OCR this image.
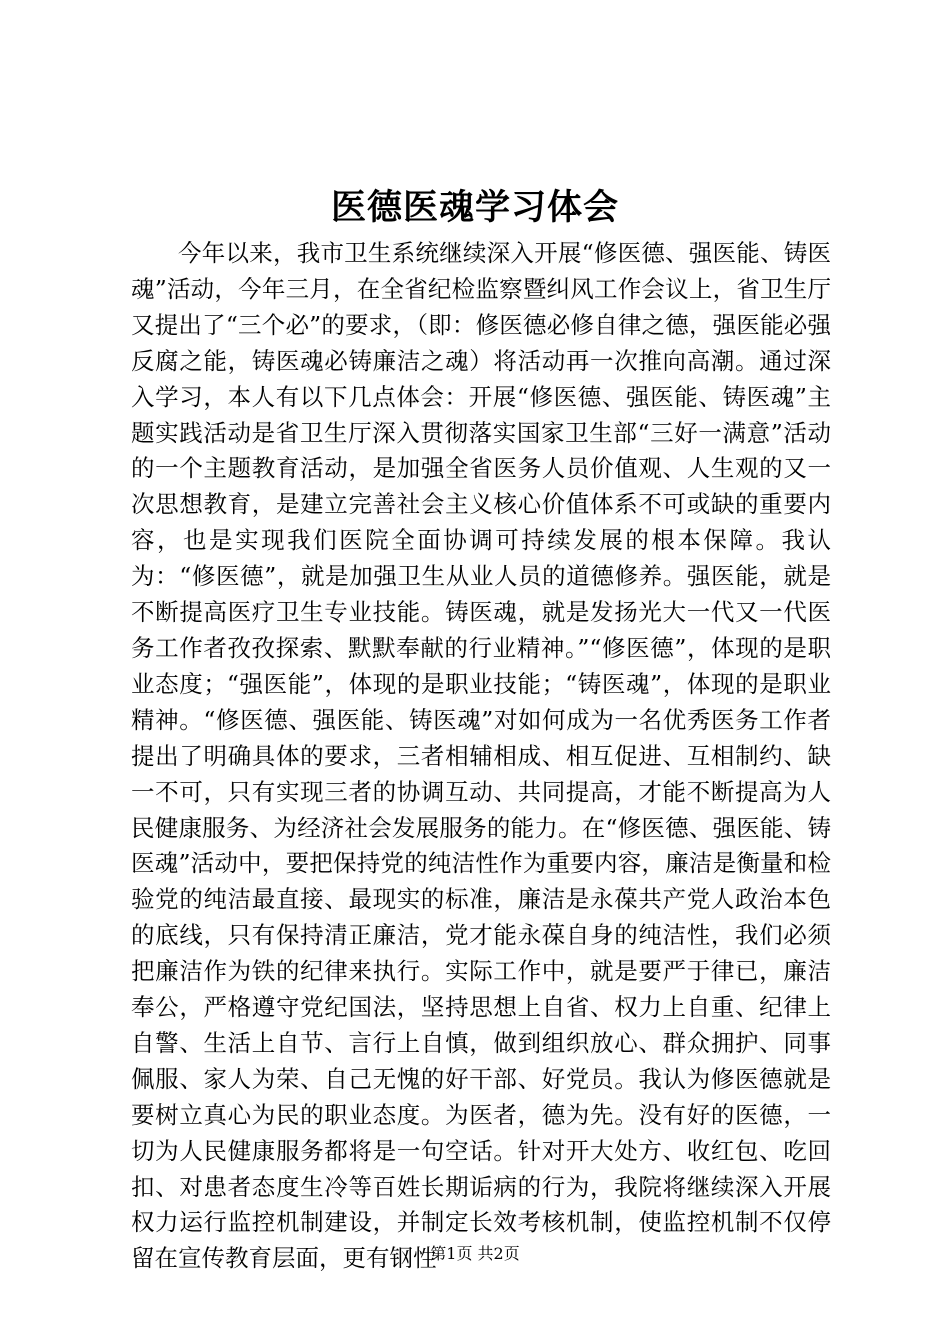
医德医魂学习体会

今年以来，我市卫生系统继续深入开展“修医德、强医能、铸医魂”活动，今年三月，在全省纪检监察暨纠风工作会议上，省卫生厅又提出了“三个必”的要求，（即：修医德必修自律之德，强医能必强反腐之能，铸医魂必铸廉洁之魂）将活动再一次推向高潮。通过深入学习，本人有以下几点体会：开展“修医德、强医能、铸医魂”主题实践活动是省卫生厅深入贯彻落实国家卫生部“三好一满意”活动的一个主题教育活动，是加强全省医务人员价值观、人生观的又一次思想教育，是建立完善社会主义核心价值体系不可或缺的重要内容，也是实现我们医院全面协调可持续发展的根本保障。我认为：“修医德”，就是加强卫生从业人员的道德修养。强医能，就是不断提高医疗卫生专业技能。铸医魂，就是发扬光大一代又一代医务工作者孜孜探索、默默奉献的行业精神。”“修医德”，体现的是职业态度；“强医能”，体现的是职业技能；“铸医魂”，体现的是职业精神。“修医德、强医能、铸医魂”对如何成为一名优秀医务工作者提出了明确具体的要求，三者相辅相成、相互促进、互相制约、缺一不可，只有实现三者的协调互动、共同提高，才能不断提高为人民健康服务、为经济社会发展服务的能力。在“修医德、强医能、铸医魂”活动中，要把保持党的纯洁性作为重要内容，廉洁是衡量和检验党的纯洁最直接、最现实的标准，廉洁是永葆共产党人政治本色的底线，只有保持清正廉洁，党才能永葆自身的纯洁性，我们必须把廉洁作为铁的纪律来执行。实际工作中，就是要严于律已，廉洁奉公，严格遵守党纪国法，坚持思想上自省、权力上自重、纪律上自警、生活上自节、言行上自慎，做到组织放心、群众拥护、同事佩服、家人为荣、自己无愧的好干部、好党员。我认为修医德就是要树立真心为民的职业态度。为医者，德为先。没有好的医德，一切为人民健康服务都将是一句空话。针对开大处方、收红包、吃回扣、对患者态度生冷等百姓长期诟病的行为，我院将继续深入开展权力运行监控机制建设，并制定长效考核机制，使监控机制不仅停留在宣传教育层面，更有钢性

第1页 共2页
